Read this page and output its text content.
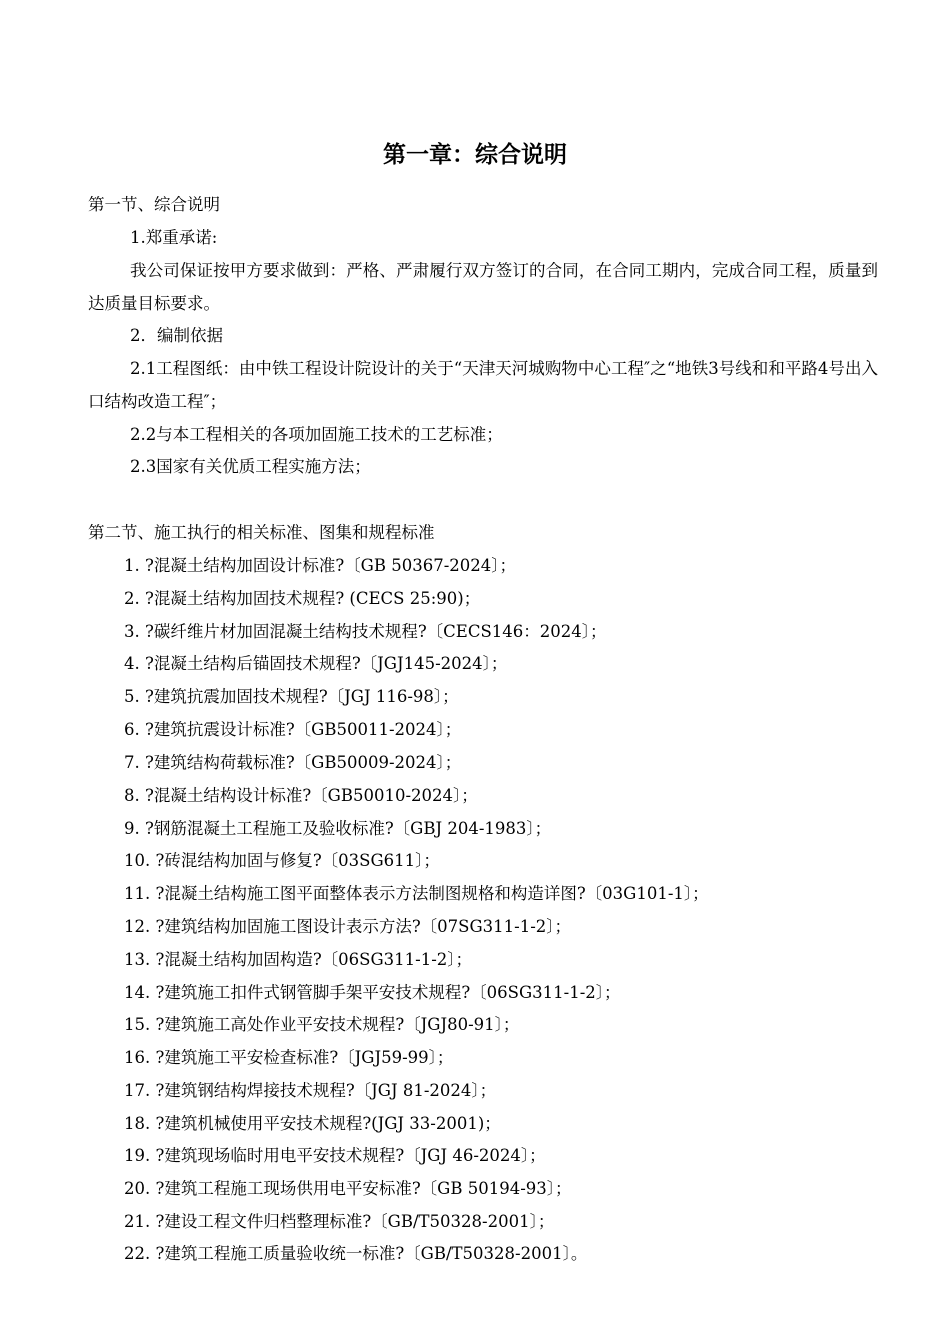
第一章：综合说明
第一节、综合说明
1.郑重承诺:
我公司保证按甲方要求做到：严格、严肃履行双方签订的合同，在合同工期内，完成合同工程，质量到达质量目标要求。
2．编制依据
2.1工程图纸：由中铁工程设计院设计的关于“天津天河城购物中心工程″之“地铁3号线和和平路4号出入口结构改造工程″；
2.2与本工程相关的各项加固施工技术的工艺标准；
2.3国家有关优质工程实施方法；
第二节、施工执行的相关标准、图集和规程标准
1. ?混凝土结构加固设计标准?〔GB 50367-2024〕；
2. ?混凝土结构加固技术规程? (CECS 25:90)；
3. ?碳纤维片材加固混凝土结构技术规程?〔CECS146：2024〕；
4. ?混凝土结构后锚固技术规程?〔JGJ145-2024〕；
5. ?建筑抗震加固技术规程?〔JGJ 116-98〕；
6. ?建筑抗震设计标准?〔GB50011-2024〕；
7. ?建筑结构荷载标准?〔GB50009-2024〕；
8. ?混凝土结构设计标准?〔GB50010-2024〕；
9. ?钢筋混凝土工程施工及验收标准?〔GBJ 204-1983〕；
10. ?砖混结构加固与修复?〔03SG611〕；
11. ?混凝土结构施工图平面整体表示方法制图规格和构造详图?〔03G101-1〕；
12. ?建筑结构加固施工图设计表示方法?〔07SG311-1-2〕；
13. ?混凝土结构加固构造?〔06SG311-1-2〕；
14. ?建筑施工扣件式钢管脚手架平安技术规程?〔06SG311-1-2〕；
15. ?建筑施工高处作业平安技术规程?〔JGJ80-91〕；
16. ?建筑施工平安检查标准?〔JGJ59-99〕；
17. ?建筑钢结构焊接技术规程?〔JGJ 81-2024〕；
18. ?建筑机械使用平安技术规程?(JGJ 33-2001)；
19. ?建筑现场临时用电平安技术规程?〔JGJ 46-2024〕；
20. ?建筑工程施工现场供用电平安标准?〔GB 50194-93〕；
21. ?建设工程文件归档整理标准?〔GB/T50328-2001〕；
22. ?建筑工程施工质量验收统一标准?〔GB/T50328-2001〕。
